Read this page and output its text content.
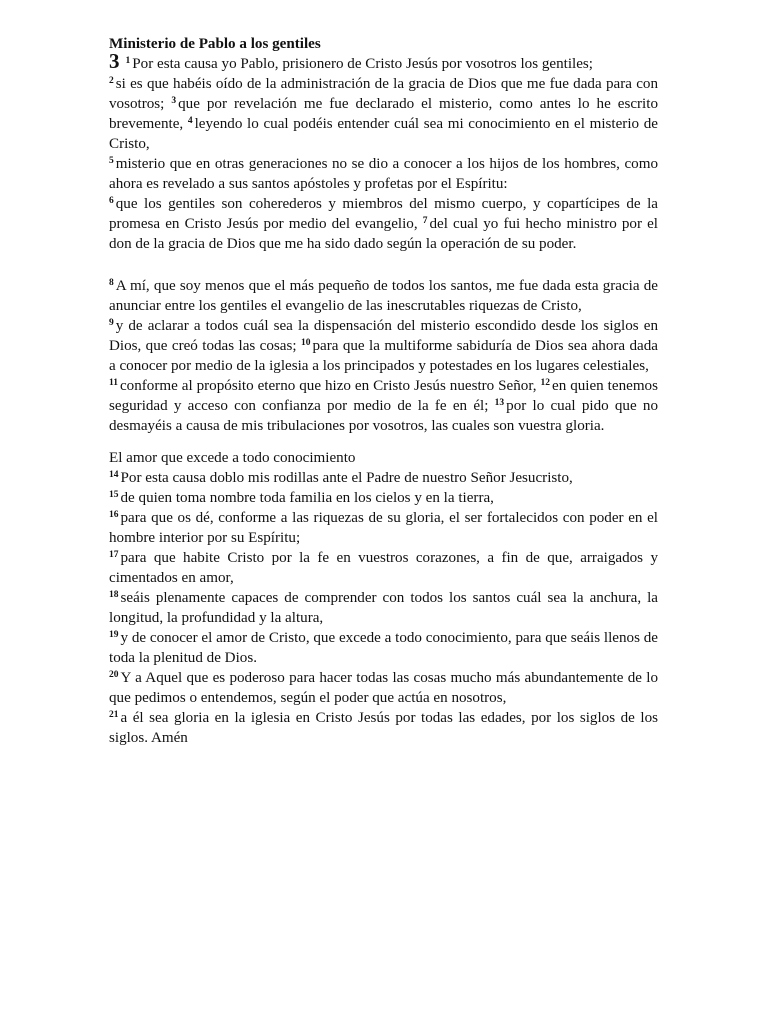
Ministerio de Pablo a los gentiles

3 $^1$ Por esta causa yo Pablo, prisionero de Cristo Jesús por vosotros los gentiles;

$^2$ si es que habéis oído de la administración de la gracia de Dios que me fue dada para con vosotros; $^3$ que por revelación me fue declarado el misterio, como antes lo he escrito brevemente, $^4$ leyendo lo cual podéis entender cuál sea mi conocimiento en el misterio de Cristo,

$^5$ misterio que en otras generaciones no se dio a conocer a los hijos de los hombres, como ahora es revelado a sus santos apóstoles y profetas por el Espíritu:

$^6$ que los gentiles son coherederos y miembros del mismo cuerpo, y copartícipes de la promesa en Cristo Jesús por medio del evangelio, $^7$ del cual yo fui hecho ministro por el don de la gracia de Dios que me ha sido dado según la operación de su poder.

$^8$ A mí, que soy menos que el más pequeño de todos los santos, me fue dada esta gracia de anunciar entre los gentiles el evangelio de las inescrutables riquezas de Cristo,

$^9$ y de aclarar a todos cuál sea la dispensación del misterio escondido desde los siglos en Dios, que creó todas las cosas; $^{10}$ para que la multiforme sabiduría de Dios sea ahora dada a conocer por medio de la iglesia a los principados y potestades en los lugares celestiales,

$^{11}$ conforme al propósito eterno que hizo en Cristo Jesús nuestro Señor, $^{12}$ en quien tenemos seguridad y acceso con confianza por medio de la fe en él; $^{13}$ por lo cual pido que no desmayéis a causa de mis tribulaciones por vosotros, las cuales son vuestra gloria.

El amor que excede a todo conocimiento

$^{14}$ Por esta causa doblo mis rodillas ante el Padre de nuestro Señor Jesucristo,

$^{15}$ de quien toma nombre toda familia en los cielos y en la tierra,

$^{16}$ para que os dé, conforme a las riquezas de su gloria, el ser fortalecidos con poder en el hombre interior por su Espíritu;

$^{17}$ para que habite Cristo por la fe en vuestros corazones, a fin de que, arraigados y cimentados en amor,

$^{18}$ seáis plenamente capaces de comprender con todos los santos cuál sea la anchura, la longitud, la profundidad y la altura,

$^{19}$ y de conocer el amor de Cristo, que excede a todo conocimiento, para que seáis llenos de toda la plenitud de Dios.

$^{20}$ Y a Aquel que es poderoso para hacer todas las cosas mucho más abundantemente de lo que pedimos o entendemos, según el poder que actúa en nosotros,

$^{21}$ a él sea gloria en la iglesia en Cristo Jesús por todas las edades, por los siglos de los siglos. Amén
